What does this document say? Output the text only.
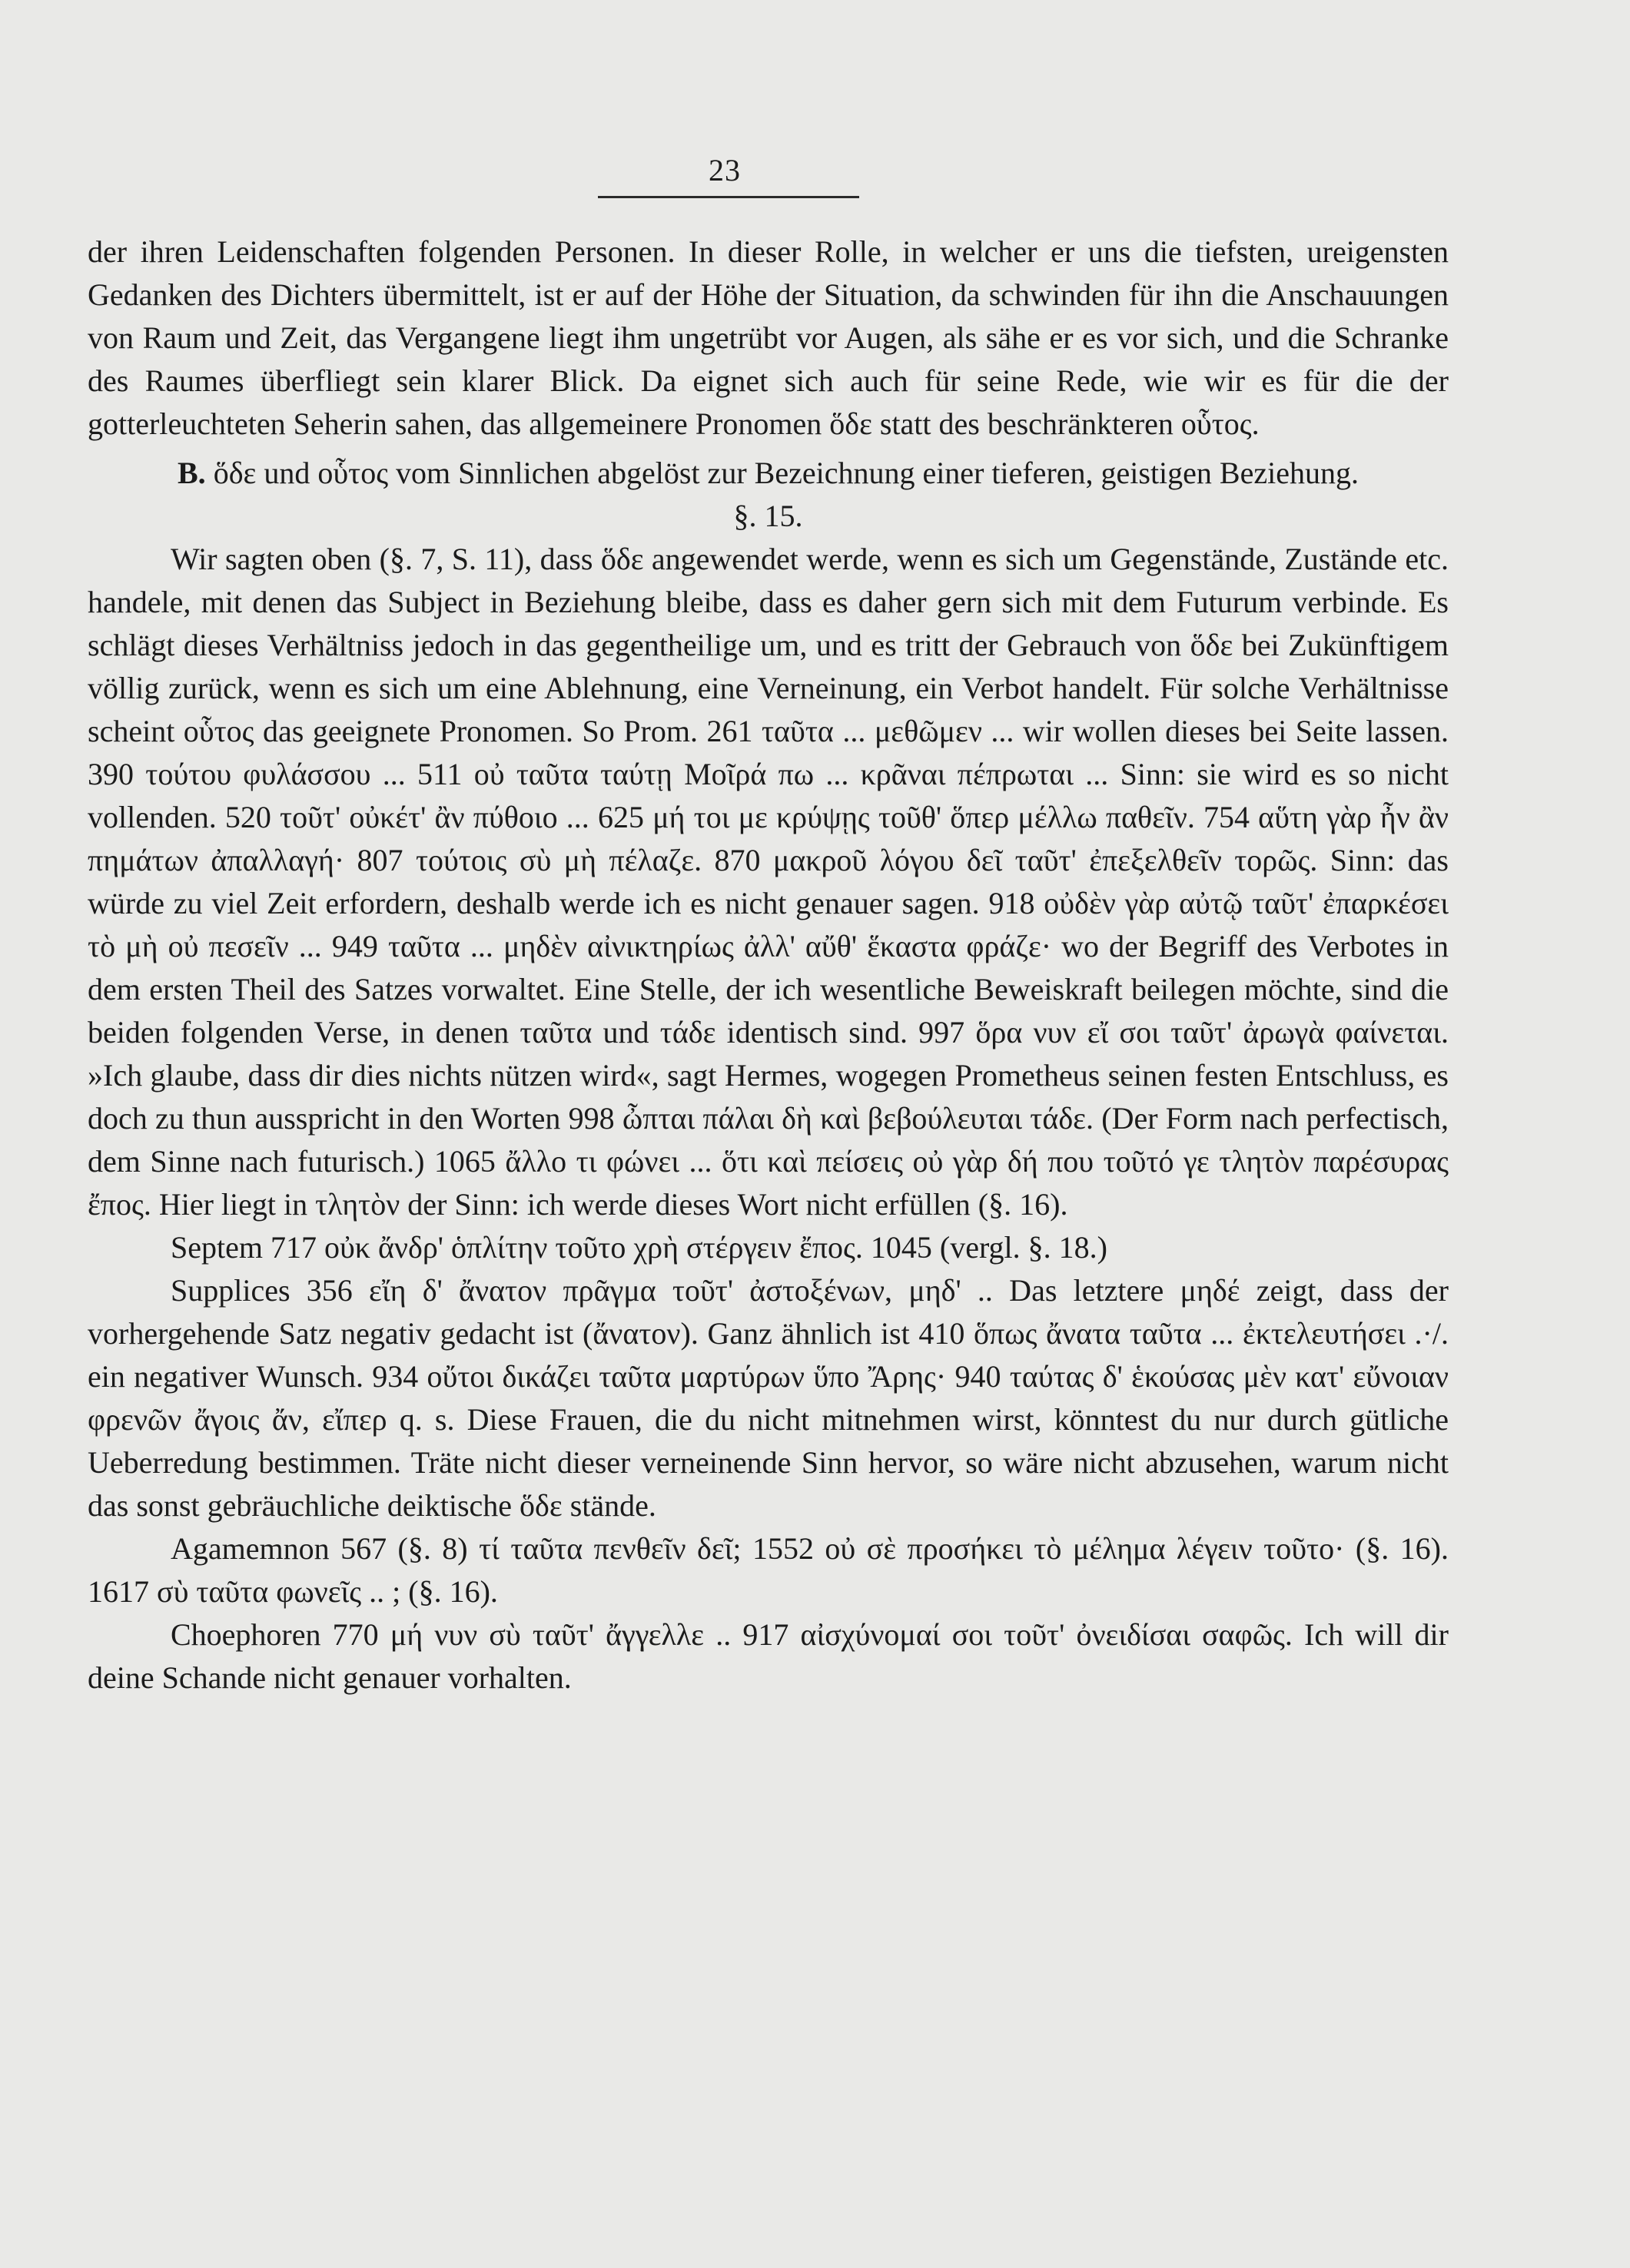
23

der ihren Leidenschaften folgenden Personen. In dieser Rolle, in welcher er uns die tiefsten, ureigensten Gedanken des Dichters übermittelt, ist er auf der Höhe der Situation, da schwinden für ihn die Anschauungen von Raum und Zeit, das Vergangene liegt ihm ungetrübt vor Augen, als sähe er es vor sich, und die Schranke des Raumes überfliegt sein klarer Blick. Da eignet sich auch für seine Rede, wie wir es für die der gotterleuchteten Seherin sahen, das allgemeinere Pronomen ὅδε statt des beschränkteren οὗτος.

B. ὅδε und οὗτος vom Sinnlichen abgelöst zur Bezeichnung einer tieferen, geistigen Beziehung.

§. 15.

Wir sagten oben (§. 7, S. 11), dass ὅδε angewendet werde, wenn es sich um Gegenstände, Zustände etc. handele, mit denen das Subject in Beziehung bleibe, dass es daher gern sich mit dem Futurum verbinde. Es schlägt dieses Verhältniss jedoch in das gegentheilige um, und es tritt der Gebrauch von ὅδε bei Zukünftigem völlig zurück, wenn es sich um eine Ablehnung, eine Verneinung, ein Verbot handelt. Für solche Verhältnisse scheint οὗτος das geeignete Pronomen. So Prom. 261 ταῦτα ... μεθῶμεν ... wir wollen dieses bei Seite lassen. 390 τούτου φυλάσσου ... 511 οὐ ταῦτα ταύτῃ Μοῖρά πω ... κρᾶναι πέπρωται ... Sinn: sie wird es so nicht vollenden. 520 τοῦτ' οὐκέτ' ἂν πύθοιο ... 625 μή τοι με κρύψῃς τοῦθ' ὅπερ μέλλω παθεῖν. 754 αὕτη γὰρ ἦν ἂν πημάτων ἀπαλλαγή· 807 τούτοις σὺ μὴ πέλαζε. 870 μακροῦ λόγου δεῖ ταῦτ' ἐπεξελθεῖν τορῶς. Sinn: das würde zu viel Zeit erfordern, deshalb werde ich es nicht genauer sagen. 918 οὐδὲν γὰρ αὐτῷ ταῦτ' ἐπαρκέσει τὸ μὴ οὐ πεσεῖν ... 949 ταῦτα ... μηδὲν αἰνικτηρίως ἀλλ' αὔθ' ἕκαστα φράζε· wo der Begriff des Verbotes in dem ersten Theil des Satzes vorwaltet. Eine Stelle, der ich wesentliche Beweiskraft beilegen möchte, sind die beiden folgenden Verse, in denen ταῦτα und τάδε identisch sind. 997 ὅρα νυν εἴ σοι ταῦτ' ἀρωγὰ φαίνεται. »Ich glaube, dass dir dies nichts nützen wird«, sagt Hermes, wogegen Prometheus seinen festen Entschluss, es doch zu thun ausspricht in den Worten 998 ὦπται πάλαι δὴ καὶ βεβούλευται τάδε. (Der Form nach perfectisch, dem Sinne nach futurisch.) 1065 ἄλλο τι φώνει ... ὅτι καὶ πείσεις οὐ γὰρ δή που τοῦτό γε τλητὸν παρέσυρας ἔπος. Hier liegt in τλητὸν der Sinn: ich werde dieses Wort nicht erfüllen (§. 16).

Septem 717 οὐκ ἄνδρ' ὁπλίτην τοῦτο χρὴ στέργειν ἔπος. 1045 (vergl. §. 18.)

Supplices 356 εἴη δ' ἄνατον πρᾶγμα τοῦτ' ἀστοξένων, μηδ' .. Das letztere μηδέ zeigt, dass der vorhergehende Satz negativ gedacht ist (ἄνατον). Ganz ähnlich ist 410 ὅπως ἄνατα ταῦτα ... ἐκτελευτήσει .·/. ein negativer Wunsch. 934 οὔτοι δικάζει ταῦτα μαρτύρων ὕπο Ἄρης· 940 ταύτας δ' ἑκούσας μὲν κατ' εὔνοιαν φρενῶν ἄγοις ἄν, εἴπερ q. s. Diese Frauen, die du nicht mitnehmen wirst, könntest du nur durch gütliche Ueberredung bestimmen. Träte nicht dieser verneinende Sinn hervor, so wäre nicht abzusehen, warum nicht das sonst gebräuchliche deiktische ὅδε stände.

Agamemnon 567 (§. 8) τί ταῦτα πενθεῖν δεῖ; 1552 οὐ σὲ προσήκει τὸ μέλημα λέγειν τοῦτο· (§. 16). 1617 σὺ ταῦτα φωνεῖς .. ; (§. 16).

Choephoren 770 μή νυν σὺ ταῦτ' ἄγγελλε .. 917 αἰσχύνομαί σοι τοῦτ' ὀνειδίσαι σαφῶς. Ich will dir deine Schande nicht genauer vorhalten.
